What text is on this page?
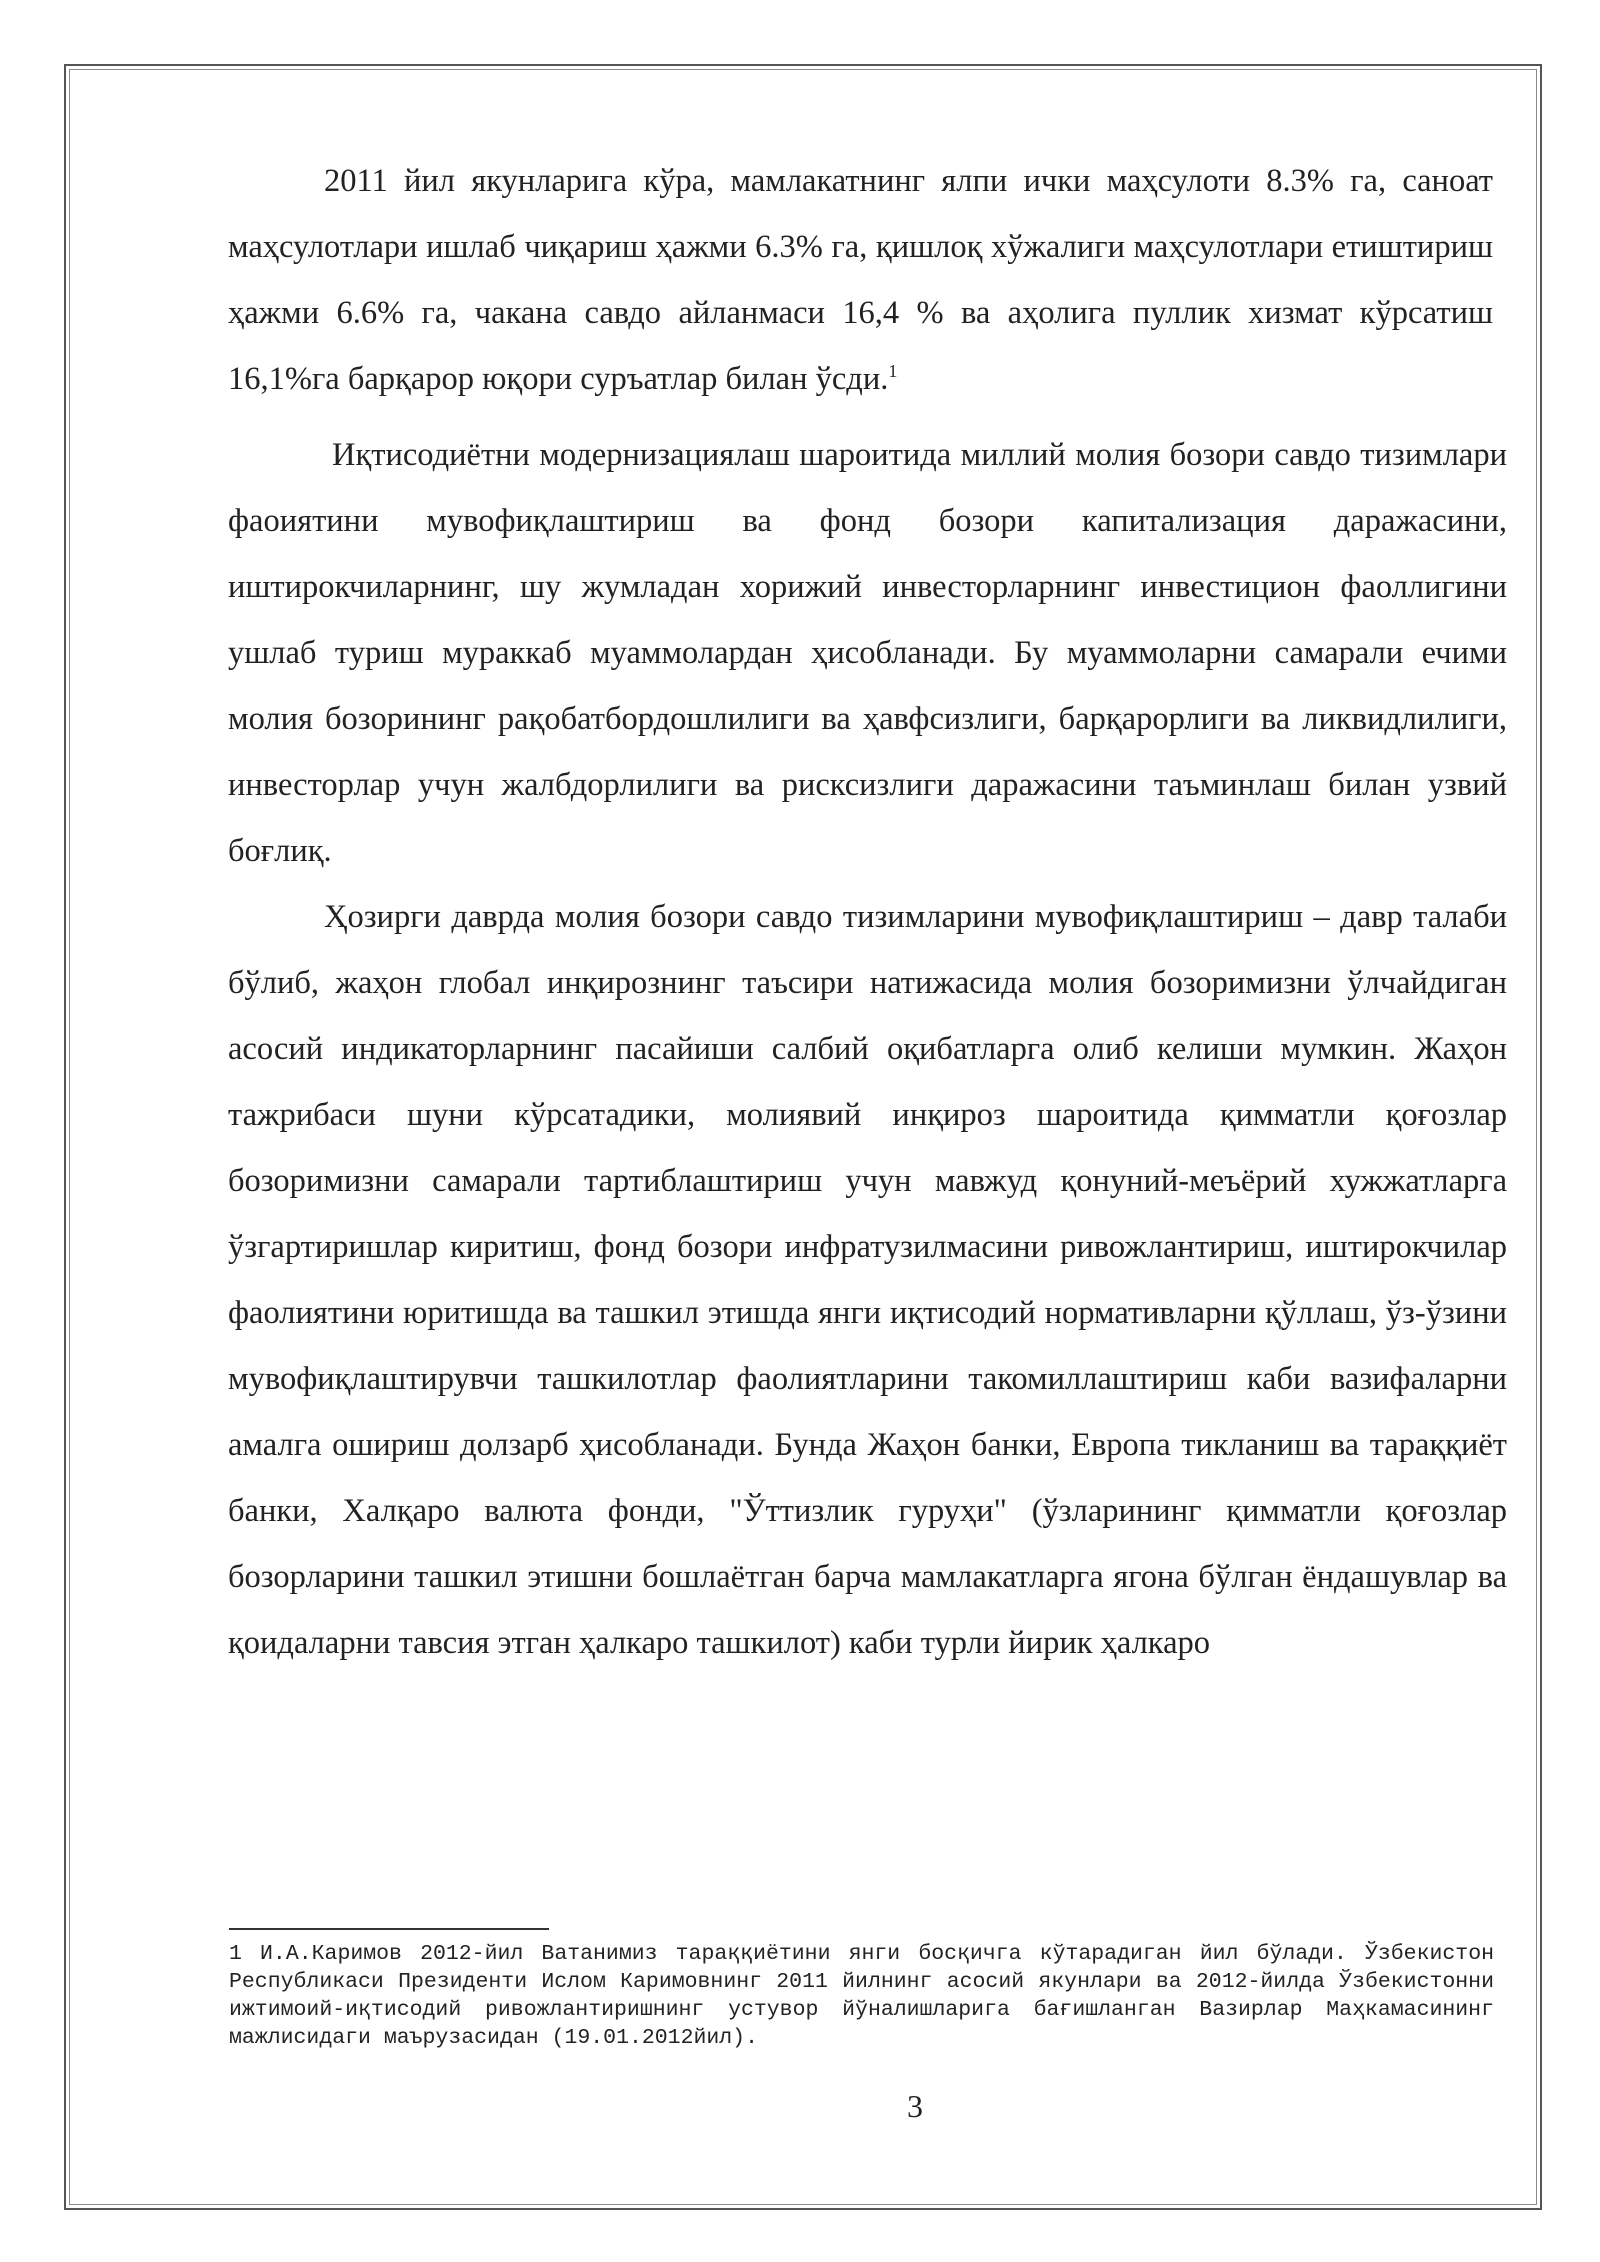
2011 йил якунларига кўра, мамлакатнинг ялпи ички маҳсулоти 8.3% га, саноат маҳсулотлари ишлаб чиқариш ҳажми 6.3% га, қишлоқ хўжалиги маҳсулотлари етиштириш ҳажми 6.6% га, чакана савдо айланмаси 16,4 % ва аҳолига пуллик хизмат кўрсатиш 16,1%га барқарор юқори суръатлар билан ўсди.$^1$

Иқтисодиётни модернизациялаш шароитида миллий молия бозори савдо тизимлари фаоиятини мувофиқлаштириш ва фонд бозори капитализация даражасини, иштирокчиларнинг, шу жумладан хорижий инвесторларнинг инвестицион фаоллигини ушлаб туриш мураккаб муаммолардан ҳисобланади. Бу муаммоларни самарали ечими молия бозорининг рақобатбордошлилиги ва ҳавфсизлиги, барқарорлиги ва ликвидлилиги, инвесторлар учун жалбдорлилиги ва рисксизлиги даражасини таъминлаш билан узвий боғлиқ.

Ҳозирги даврда молия бозори савдо тизимларини мувофиқлаштириш – давр талаби бўлиб, жаҳон глобал инқирознинг таъсири натижасида молия бозоримизни ўлчайдиган асосий индикаторларнинг пасайиши салбий оқибатларга олиб келиши мумкин. Жаҳон тажрибаси шуни кўрсатадики, молиявий инқироз шароитида қимматли қоғозлар бозоримизни самарали тартиблаштириш учун мавжуд қонуний-меъёрий хужжатларга ўзгартиришлар киритиш, фонд бозори инфратузилмасини ривожлантириш, иштирокчилар фаолиятини юритишда ва ташкил этишда янги иқтисодий нормативларни қўллаш, ўз-ўзини мувофиқлаштирувчи ташкилотлар фаолиятларини такомиллаштириш каби вазифаларни амалга ошириш долзарб ҳисобланади. Бунда Жаҳон банки, Европа тикланиш ва тараққиёт банки, Халқаро валюта фонди, "Ўттизлик гуруҳи" (ўзларининг қимматли қоғозлар бозорларини ташкил этишни бошлаётган барча мамлакатларга ягона бўлган ёндашувлар ва қоидаларни тавсия этган ҳалкаро ташкилот) каби турли йирик ҳалкаро

1 И.А.Каримов 2012-йил Ватанимиз тараққиётини янги босқичга кўтарадиган йил бўлади. Ўзбекистон Республикаси Президенти Ислом Каримовнинг 2011 йилнинг асосий якунлари ва 2012-йилда Ўзбекистонни ижтимоий-иқтисодий ривожлантиришнинг устувор йўналишларига бағишланган Вазирлар Маҳкамасининг мажлисидаги маърузасидан (19.01.2012йил).

3
